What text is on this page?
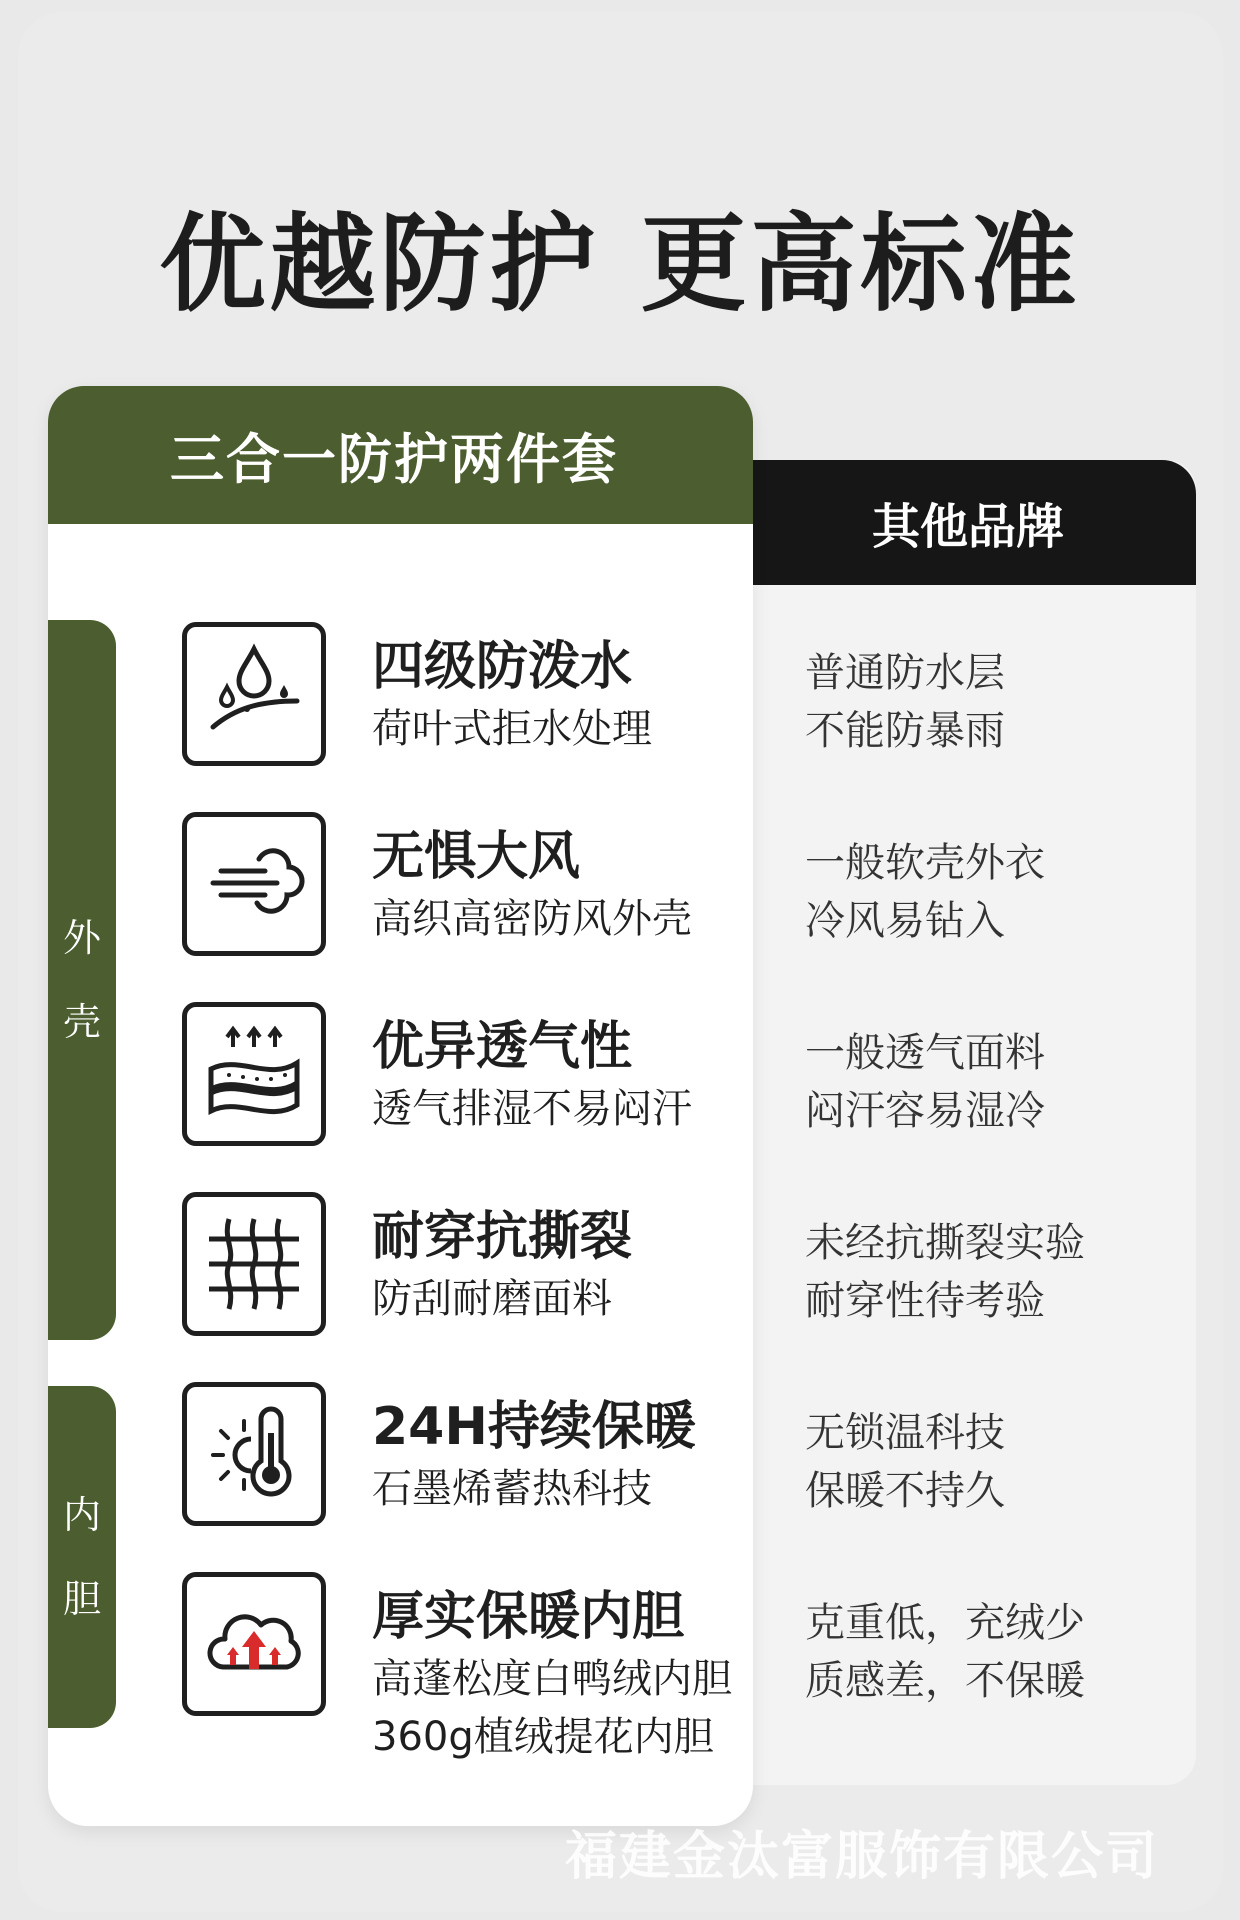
优越防护 更高标准
其他品牌
三合一防护两件套
外
壳
内
胆
四级防泼水
荷叶式拒水处理
普通防水层
不能防暴雨
无惧大风
高织高密防风外壳
一般软壳外衣
冷风易钻入
优异透气性
透气排湿不易闷汗
一般透气面料
闷汗容易湿冷
耐穿抗撕裂
防刮耐磨面料
未经抗撕裂实验
耐穿性待考验
24H持续保暖
石墨烯蓄热科技
无锁温科技
保暖不持久
厚实保暖内胆
高蓬松度白鸭绒内胆
360g植绒提花内胆
克重低，充绒少
质感差，不保暖
福建金汰富服饰有限公司
